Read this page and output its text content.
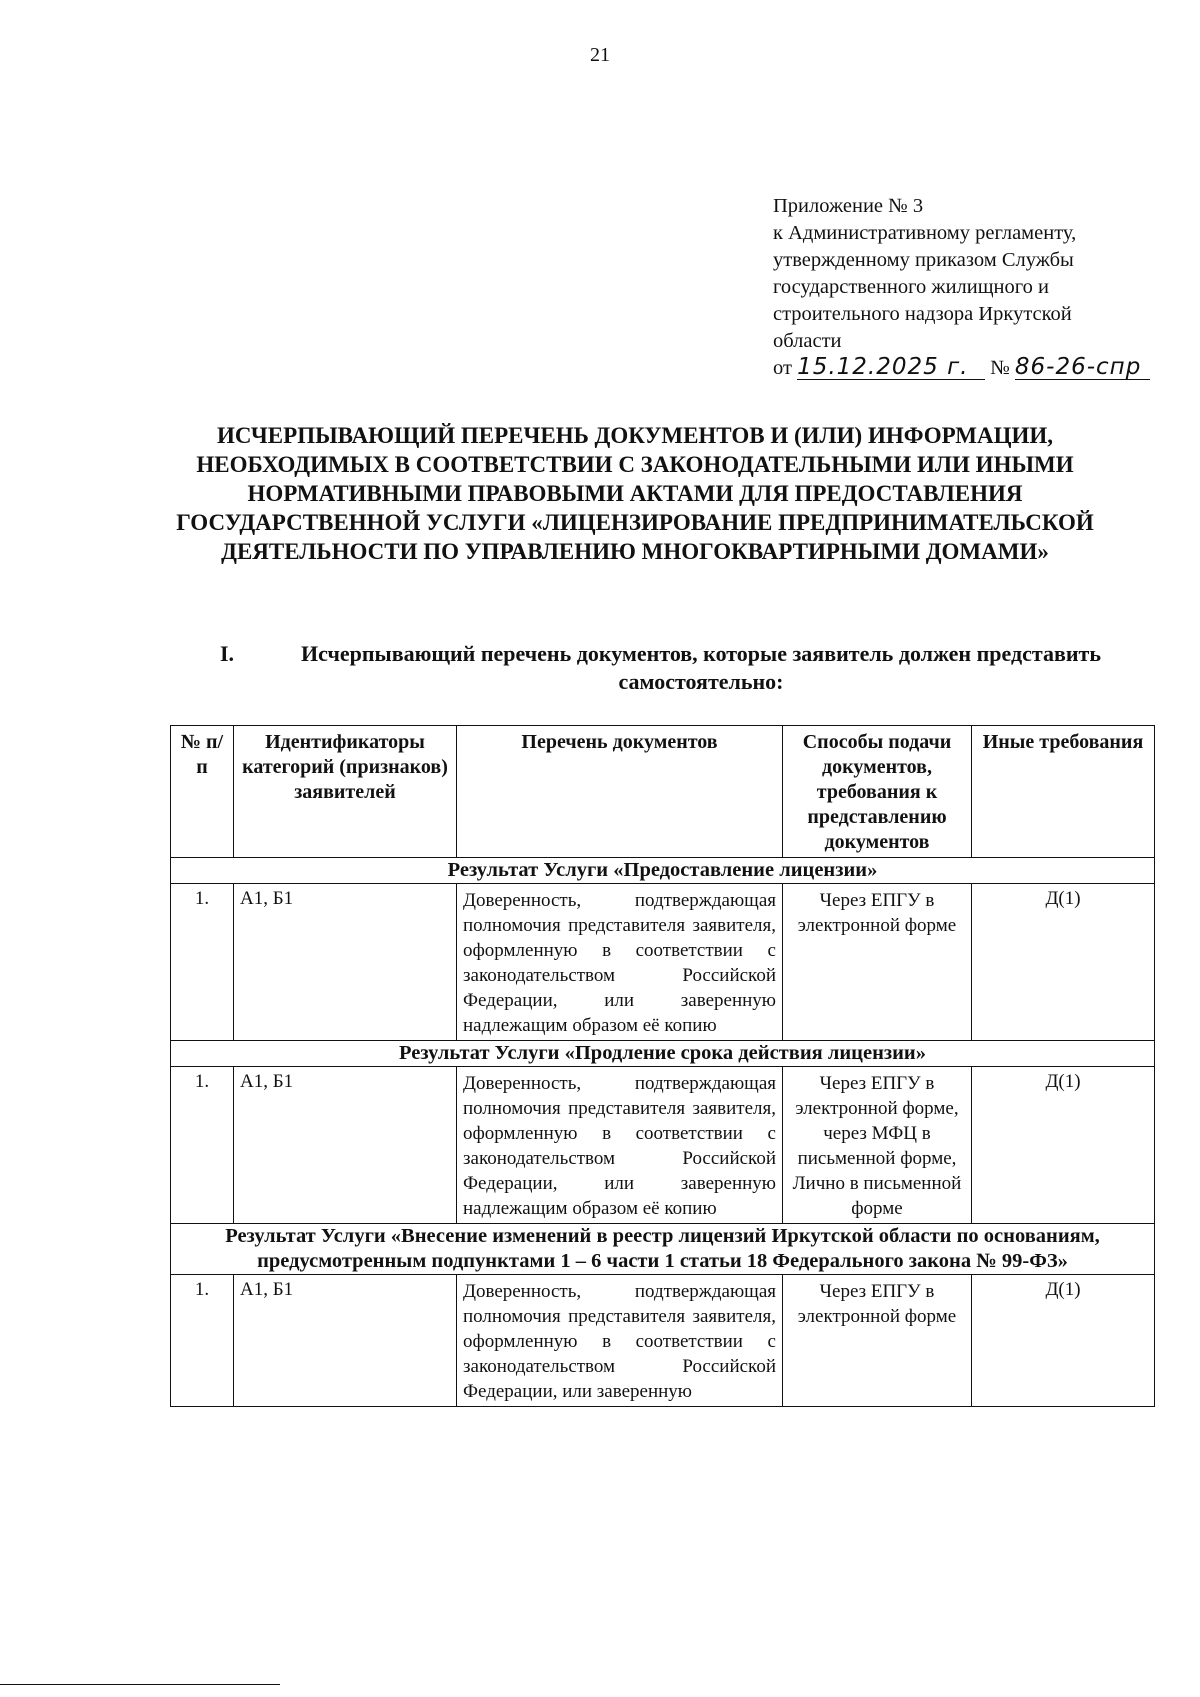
21
Приложение № 3
к Административному регламенту,
утвержденному приказом Службы
государственного жилищного и
строительного надзора Иркутской
области
от 15.12.2025 г. № 86-26-спр
ИСЧЕРПЫВАЮЩИЙ ПЕРЕЧЕНЬ ДОКУМЕНТОВ И (ИЛИ) ИНФОРМАЦИИ, НЕОБХОДИМЫХ В СООТВЕТСТВИИ С ЗАКОНОДАТЕЛЬНЫМИ ИЛИ ИНЫМИ НОРМАТИВНЫМИ ПРАВОВЫМИ АКТАМИ ДЛЯ ПРЕДОСТАВЛЕНИЯ ГОСУДАРСТВЕННОЙ УСЛУГИ «ЛИЦЕНЗИРОВАНИЕ ПРЕДПРИНИМАТЕЛЬСКОЙ ДЕЯТЕЛЬНОСТИ ПО УПРАВЛЕНИЮ МНОГОКВАРТИРНЫМИ ДОМАМИ»
I.	Исчерпывающий перечень документов, которые заявитель должен представить самостоятельно:
№ п/п	Идентификаторы категорий (признаков) заявителей	Перечень документов	Способы подачи документов, требования к представлению документов	Иные требования
Результат Услуги «Предоставление лицензии»				
1.	А1, Б1	Доверенность, подтверждающая полномочия представителя заявителя, оформленную в соответствии с законодательством Российской Федерации, или заверенную надлежащим образом её копию	Через ЕПГУ в электронной форме	Д(1)
Результат Услуги «Продление срока действия лицензии»				
1.	А1, Б1	Доверенность, подтверждающая полномочия представителя заявителя, оформленную в соответствии с законодательством Российской Федерации, или заверенную надлежащим образом её копию	Через ЕПГУ в электронной форме, через МФЦ в письменной форме, Лично в письменной форме	Д(1)
Результат Услуги «Внесение изменений в реестр лицензий Иркутской области по основаниям, предусмотренным подпунктами 1 – 6 части 1 статьи 18 Федерального закона № 99-ФЗ»				
1.	А1, Б1	Доверенность, подтверждающая полномочия представителя заявителя, оформленную в соответствии с законодательством Российской Федерации, или заверенную	Через ЕПГУ в электронной форме	Д(1)
